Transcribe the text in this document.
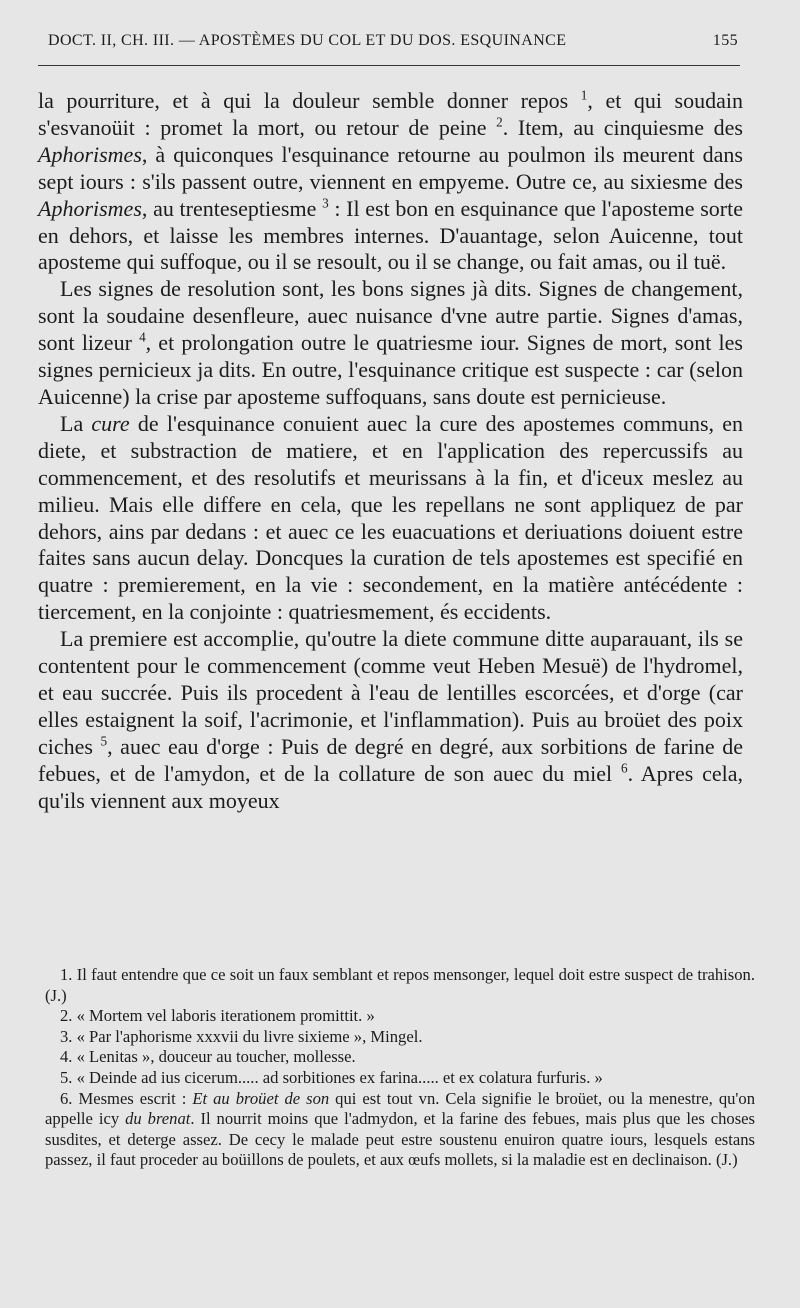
DOCT. II, CH. III. — APOSTÈMES DU COL ET DU DOS. ESQUINANCE	155

la pourriture, et à qui la douleur semble donner repos $^1$, et qui soudain s'esvanoüit : promet la mort, ou retour de peine $^2$. Item, au cinquiesme des Aphorismes, à quiconques l'esquinance retourne au poulmon ils meurent dans sept iours : s'ils passent outre, viennent en empyeme. Outre ce, au sixiesme des Aphorismes, au trenteseptiesme $^3$ : Il est bon en esquinance que l'aposteme sorte en dehors, et laisse les membres internes. D'auantage, selon Auicenne, tout aposteme qui suffoque, ou il se resoult, ou il se change, ou fait amas, ou il tuë.

Les signes de resolution sont, les bons signes jà dits. Signes de changement, sont la soudaine desenfleure, auec nuisance d'vne autre partie. Signes d'amas, sont lizeur $^4$, et prolongation outre le quatriesme iour. Signes de mort, sont les signes pernicieux ja dits. En outre, l'esquinance critique est suspecte : car (selon Auicenne) la crise par aposteme suffoquans, sans doute est pernicieuse.

La cure de l'esquinance conuient auec la cure des apostemes communs, en diete, et substraction de matiere, et en l'application des repercussifs au commencement, et des resolutifs et meurissans à la fin, et d'iceux meslez au milieu. Mais elle differe en cela, que les repellans ne sont appliquez de par dehors, ains par dedans : et auec ce les euacuations et deriuations doiuent estre faites sans aucun delay. Doncques la curation de tels apostemes est specifié en quatre : premierement, en la vie : secondement, en la matière antécédente : tiercement, en la conjointe : quatriesmement, és eccidents.

La premiere est accomplie, qu'outre la diete commune ditte auparauant, ils se contentent pour le commencement (comme veut Heben Mesuë) de l'hydromel, et eau succrée. Puis ils procedent à l'eau de lentilles escorcées, et d'orge (car elles estaignent la soif, l'acrimonie, et l'inflammation). Puis au broüet des poix ciches $^5$, auec eau d'orge : Puis de degré en degré, aux sorbitions de farine de febues, et de l'amydon, et de la collature de son auec du miel $^6$. Apres cela, qu'ils viennent aux moyeux

1. Il faut entendre que ce soit un faux semblant et repos mensonger, lequel doit estre suspect de trahison. (J.)

2. « Mortem vel laboris iterationem promittit. »

3. « Par l'aphorisme xxxvii du livre sixieme », Mingel.

4. « Lenitas », douceur au toucher, mollesse.

5. « Deinde ad ius cicerum..... ad sorbitiones ex farina..... et ex colatura furfuris. »

6. Mesmes escrit : Et au broüet de son qui est tout vn. Cela signifie le broüet, ou la menestre, qu'on appelle icy du brenat. Il nourrit moins que l'admydon, et la farine des febues, mais plus que les choses susdites, et deterge assez. De cecy le malade peut estre soustenu enuiron quatre iours, lesquels estans passez, il faut proceder au boüillons de poulets, et aux œufs mollets, si la maladie est en declinaison. (J.)
